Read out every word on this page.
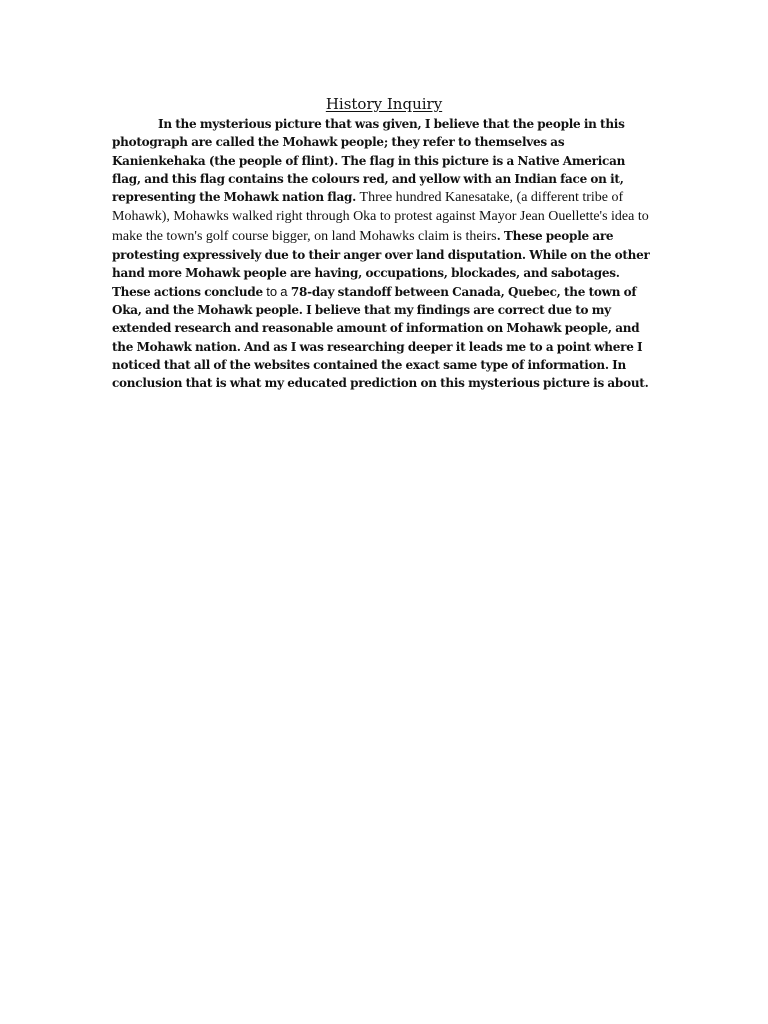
History Inquiry

In the mysterious picture that was given, I believe that the people in this photograph are called the Mohawk people; they refer to themselves as Kanienkehaka (the people of flint). The flag in this picture is a Native American flag, and this flag contains the colours red, and yellow with an Indian face on it, representing the Mohawk nation flag. Three hundred Kanesatake, (a different tribe of Mohawk), Mohawks walked right through Oka to protest against Mayor Jean Ouellette's idea to make the town's golf course bigger, on land Mohawks claim is theirs. These people are protesting expressively due to their anger over land disputation. While on the other hand more Mohawk people are having, occupations, blockades, and sabotages. These actions conclude to a 78-day standoff between Canada, Quebec, the town of Oka, and the Mohawk people. I believe that my findings are correct due to my extended research and reasonable amount of information on Mohawk people, and the Mohawk nation. And as I was researching deeper it leads me to a point where I noticed that all of the websites contained the exact same type of information. In conclusion that is what my educated prediction on this mysterious picture is about.
